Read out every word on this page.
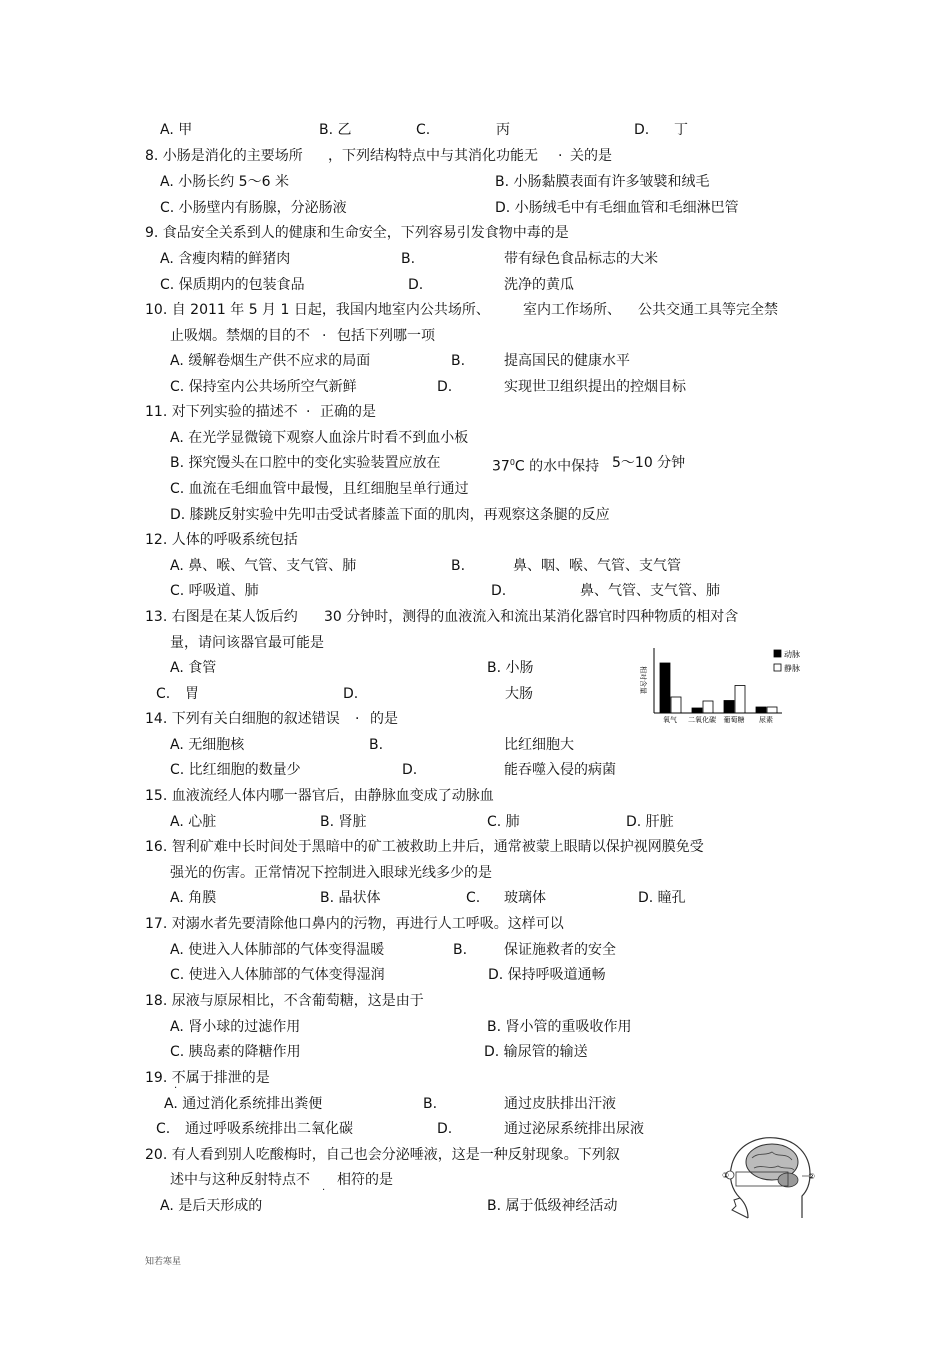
A. 甲	B. 乙	C.	丙	D. 丁
8. 小肠是消化的主要场所 ，下列结构特点中与其消化功能无 · 关的是
A. 小肠长约 5～6 米	B. 小肠黏膜表面有许多皱襞和绒毛
C. 小肠壁内有肠腺，分泌肠液	D. 小肠绒毛中有毛细血管和毛细淋巴管
9. 食品安全关系到人的健康和生命安全，下列容易引发食物中毒的是
A. 含瘦肉精的鲜猪肉	B.	带有绿色食品标志的大米
C. 保质期内的包装食品	D.	洗净的黄瓜
10. 自 2011 年 5 月 1 日起，我国内地室内公共场所、 室内工作场所、 公共交通工具等完全禁
止吸烟。禁烟的目的不 · 包括下列哪一项
A. 缓解卷烟生产供不应求的局面	B.	提高国民的健康水平
C. 保持室内公共场所空气新鲜	D.	实现世卫组织提出的控烟目标
11. 对下列实验的描述不 · 正确的是
A. 在光学显微镜下观察人血涂片时看不到血小板
B. 探究馒头在口腔中的变化实验装置应放在	$37^0C$ 的水中保持 5～10 分钟
C. 血流在毛细血管中最慢，且红细胞呈单行通过
D. 膝跳反射实验中先叩击受试者膝盖下面的肌肉，再观察这条腿的反应
12. 人体的呼吸系统包括
A. 鼻、喉、气管、支气管、肺	B.	鼻、咽、喉、气管、支气管
C. 呼吸道、肺	D.	鼻、气管、支气管、肺
13. 右图是在某人饭后约 30 分钟时，测得的血液流入和流出某消化器官时四种物质的相对含
量，请问该器官最可能是
A. 食管	B. 小肠
C. 胃	D.	大肠	相对含量
氧气 二氧化碳 葡萄糖 尿素
动脉
静脉
14. 下列有关白细胞的叙述错误 · 的是
A. 无细胞核	B.	比红细胞大
C. 比红细胞的数量少	D.	能吞噬入侵的病菌
15. 血液流经人体内哪一器官后，由静脉血变成了动脉血
A. 心脏	B. 肾脏	C. 肺	D. 肝脏
16. 智利矿难中长时间处于黑暗中的矿工被救助上井后，通常被蒙上眼睛以保护视网膜免受
强光的伤害。正常情况下控制进入眼球光线多少的是
A. 角膜	B. 晶状体	C. 玻璃体	D. 瞳孔
17. 对溺水者先要清除他口鼻内的污物，再进行人工呼吸。这样可以
A. 使进入人体肺部的气体变得温暖	B.	保证施救者的安全
C. 使进入人体肺部的气体变得湿润	D. 保持呼吸道通畅
18. 尿液与原尿相比，不含葡萄糖，这是由于
A. 肾小球的过滤作用	B. 肾小管的重吸收作用
C. 胰岛素的降糖作用	D. 输尿管的输送
19. 不属于排泄的是
·
A. 通过消化系统排出粪便	B.	通过皮肤排出汗液
C. 通过呼吸系统排出二氧化碳	D.	通过泌尿系统排出尿液
20. 有人看到别人吃酸梅时，自己也会分泌唾液，这是一种反射现象。下列叙
述中与这种反射特点不
·
相符的是
A. 是后天形成的	B. 属于低级神经活动
①	②
知若寒星
